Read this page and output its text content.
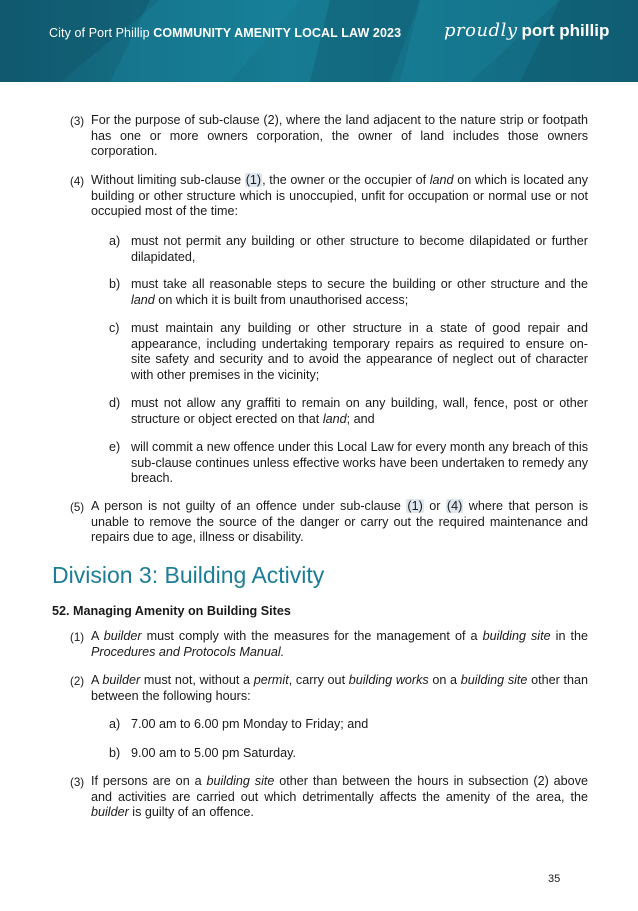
City of Port Phillip COMMUNITY AMENITY LOCAL LAW 2023 proudly port phillip
(3) For the purpose of sub-clause (2), where the land adjacent to the nature strip or footpath has one or more owners corporation, the owner of land includes those owners corporation.
(4) Without limiting sub-clause (1), the owner or the occupier of land on which is located any building or other structure which is unoccupied, unfit for occupation or normal use or not occupied most of the time:
a) must not permit any building or other structure to become dilapidated or further dilapidated,
b) must take all reasonable steps to secure the building or other structure and the land on which it is built from unauthorised access;
c) must maintain any building or other structure in a state of good repair and appearance, including undertaking temporary repairs as required to ensure on-site safety and security and to avoid the appearance of neglect out of character with other premises in the vicinity;
d) must not allow any graffiti to remain on any building, wall, fence, post or other structure or object erected on that land; and
e) will commit a new offence under this Local Law for every month any breach of this sub-clause continues unless effective works have been undertaken to remedy any breach.
(5) A person is not guilty of an offence under sub-clause (1) or (4) where that person is unable to remove the source of the danger or carry out the required maintenance and repairs due to age, illness or disability.
Division 3: Building Activity
52. Managing Amenity on Building Sites
(1) A builder must comply with the measures for the management of a building site in the Procedures and Protocols Manual.
(2) A builder must not, without a permit, carry out building works on a building site other than between the following hours:
a) 7.00 am to 6.00 pm Monday to Friday; and
b) 9.00 am to 5.00 pm Saturday.
(3) If persons are on a building site other than between the hours in subsection (2) above and activities are carried out which detrimentally affects the amenity of the area, the builder is guilty of an offence.
35
